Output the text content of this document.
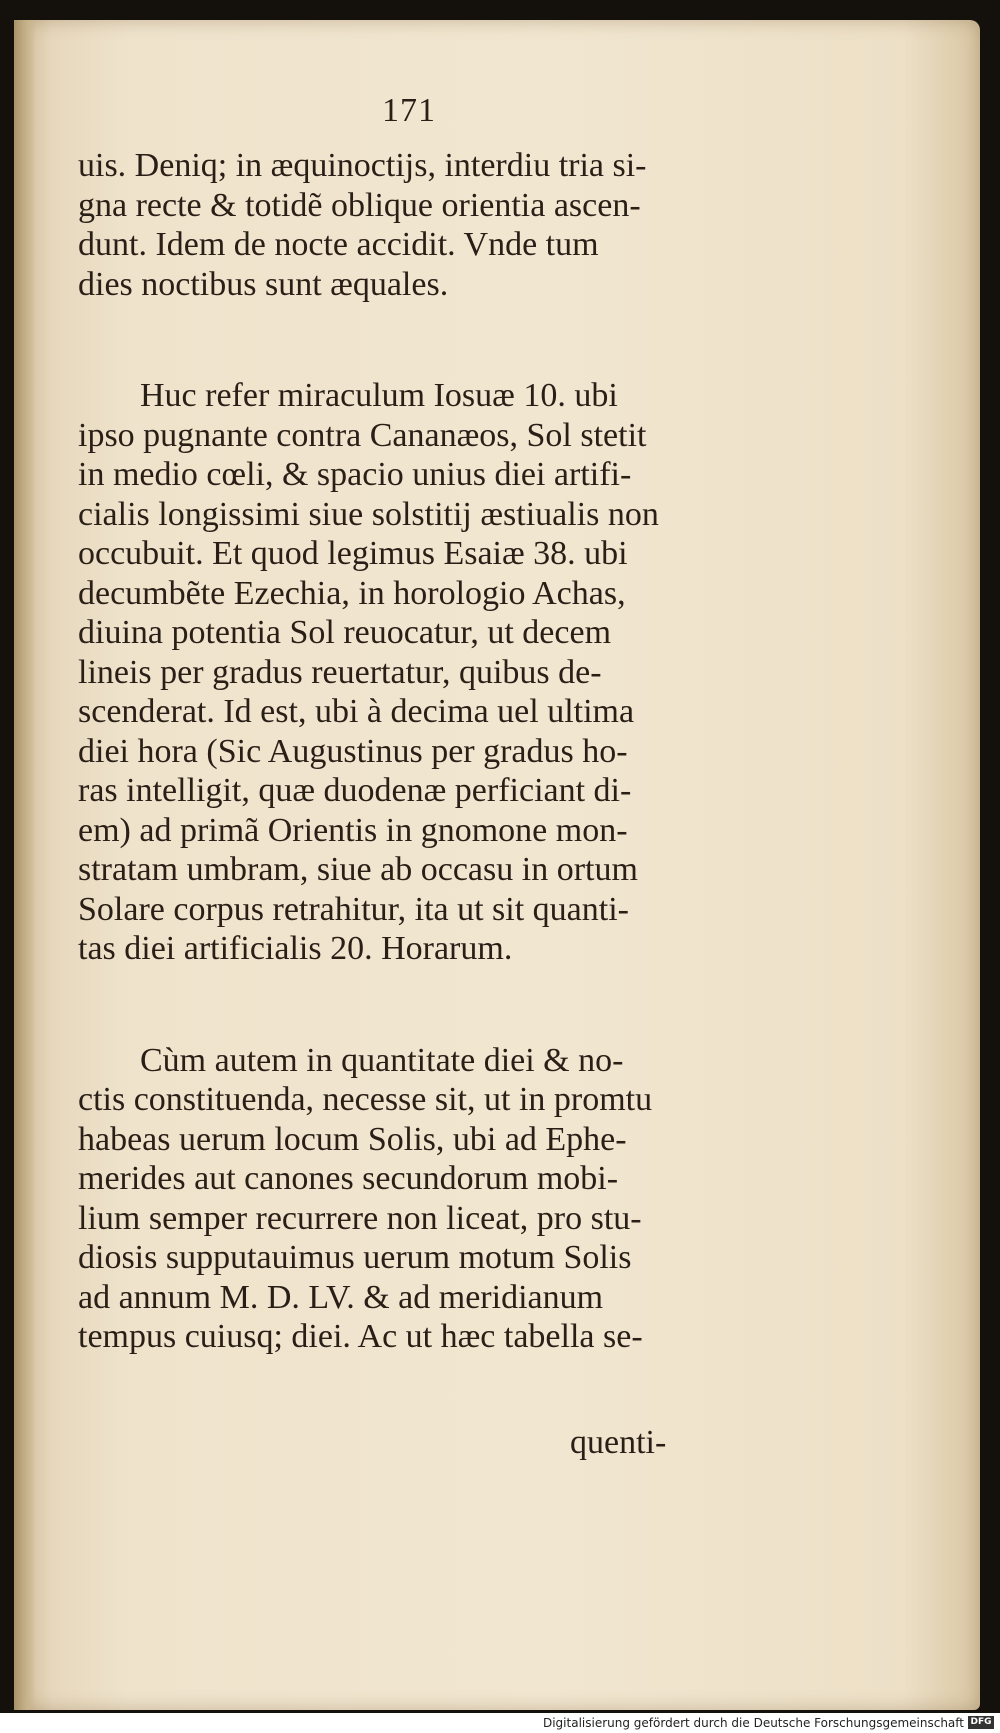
171
uis. Deniq; in æquinoctijs, interdiu tria si-
gna recte & totidẽ oblique orientia ascen-
dunt. Idem de nocte accidit. Vnde tum
dies noctibus sunt æquales.
Huc refer miraculum Iosuæ 10. ubi
ipso pugnante contra Cananæos, Sol stetit
in medio cœli, & spacio unius diei artifi-
cialis longissimi siue solstitij æstiualis non
occubuit. Et quod legimus Esaiæ 38. ubi
decumbẽte Ezechia, in horologio Achas,
diuina potentia Sol reuocatur, ut decem
lineis per gradus reuertatur, quibus de-
scenderat. Id est, ubi à decima uel ultima
diei hora (Sic Augustinus per gradus ho-
ras intelligit, quæ duodenæ perficiant di-
em) ad primã Orientis in gnomone mon-
stratam umbram, siue ab occasu in ortum
Solare corpus retrahitur, ita ut sit quanti-
tas diei artificialis 20. Horarum.
Cùm autem in quantitate diei & no-
ctis constituenda, necesse sit, ut in promtu
habeas uerum locum Solis, ubi ad Ephe-
merides aut canones secundorum mobi-
lium semper recurrere non liceat, pro stu-
diosis supputauimus uerum motum Solis
ad annum M. D. LV. & ad meridianum
tempus cuiusq; diei. Ac ut hæc tabella se-
quenti-
Digitalisierung gefördert durch die Deutsche Forschungsgemeinschaft DFG
